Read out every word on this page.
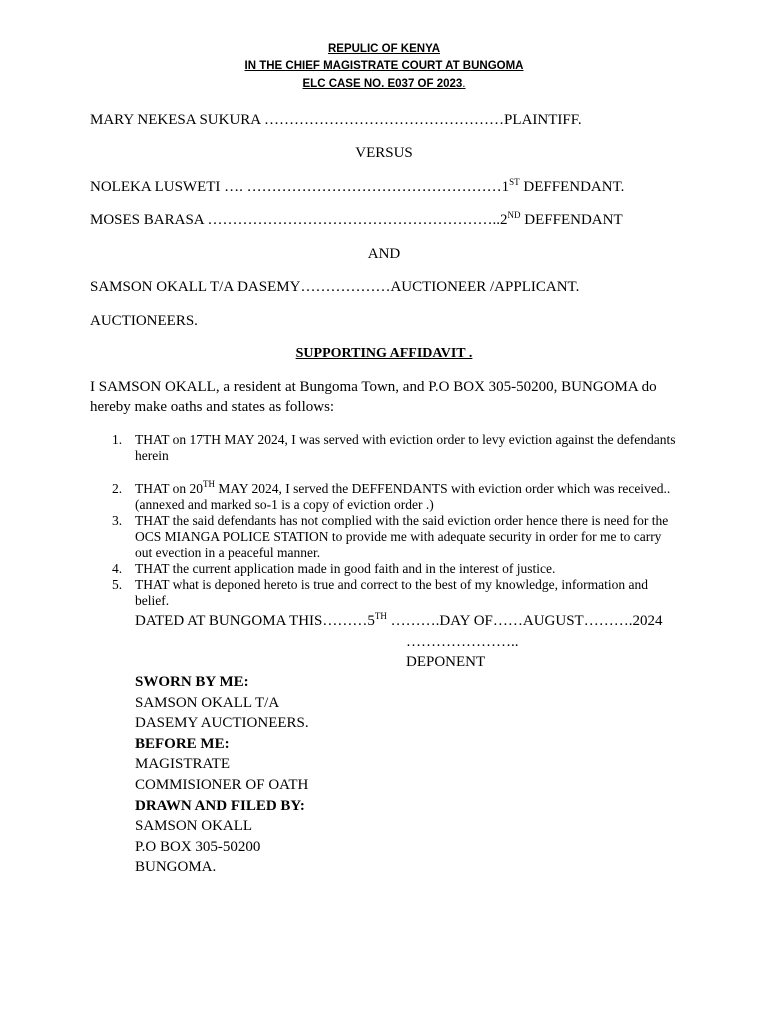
REPULIC OF KENYA
IN THE CHIEF MAGISTRATE COURT AT BUNGOMA
ELC CASE NO. E037 OF 2023.
MARY NEKESA SUKURA …………………………………………PLAINTIFF.
VERSUS
NOLEKA LUSWETI …. ……………………………………………1ST DEFFENDANT.
MOSES BARASA …………………………………………………..2ND DEFFENDANT
AND
SAMSON OKALL T/A DASEMY………………AUCTIONEER /APPLICANT.
AUCTIONEERS.
SUPPORTING AFFIDAVIT .
I SAMSON OKALL, a resident at Bungoma Town, and P.O BOX 305-50200, BUNGOMA do hereby make oaths and states as follows:
1. THAT on 17TH MAY 2024, I was served with eviction order to levy eviction against the defendants herein
2. THAT on 20TH MAY 2024, I served the DEFFENDANTS with eviction order which was received.. (annexed and marked so-1 is a copy of eviction order .)
3. THAT the said defendants has not complied with the said eviction order hence there is need for the OCS MIANGA POLICE STATION to provide me with adequate security in order for me to carry out evection in a peaceful manner.
4. THAT the current application made in good faith and in the interest of justice.
5. THAT what is deponed hereto is true and correct to the best of my knowledge, information and belief.
DATED AT BUNGOMA THIS………5TH ……….DAY OF……AUGUST……….2024
…………………..
DEPONENT
SWORN BY ME:
SAMSON OKALL T/A
DASEMY AUCTIONEERS.
BEFORE ME:
MAGISTRATE
COMMISIONER OF OATH
DRAWN AND FILED BY:
SAMSON OKALL
P.O BOX 305-50200
BUNGOMA.
